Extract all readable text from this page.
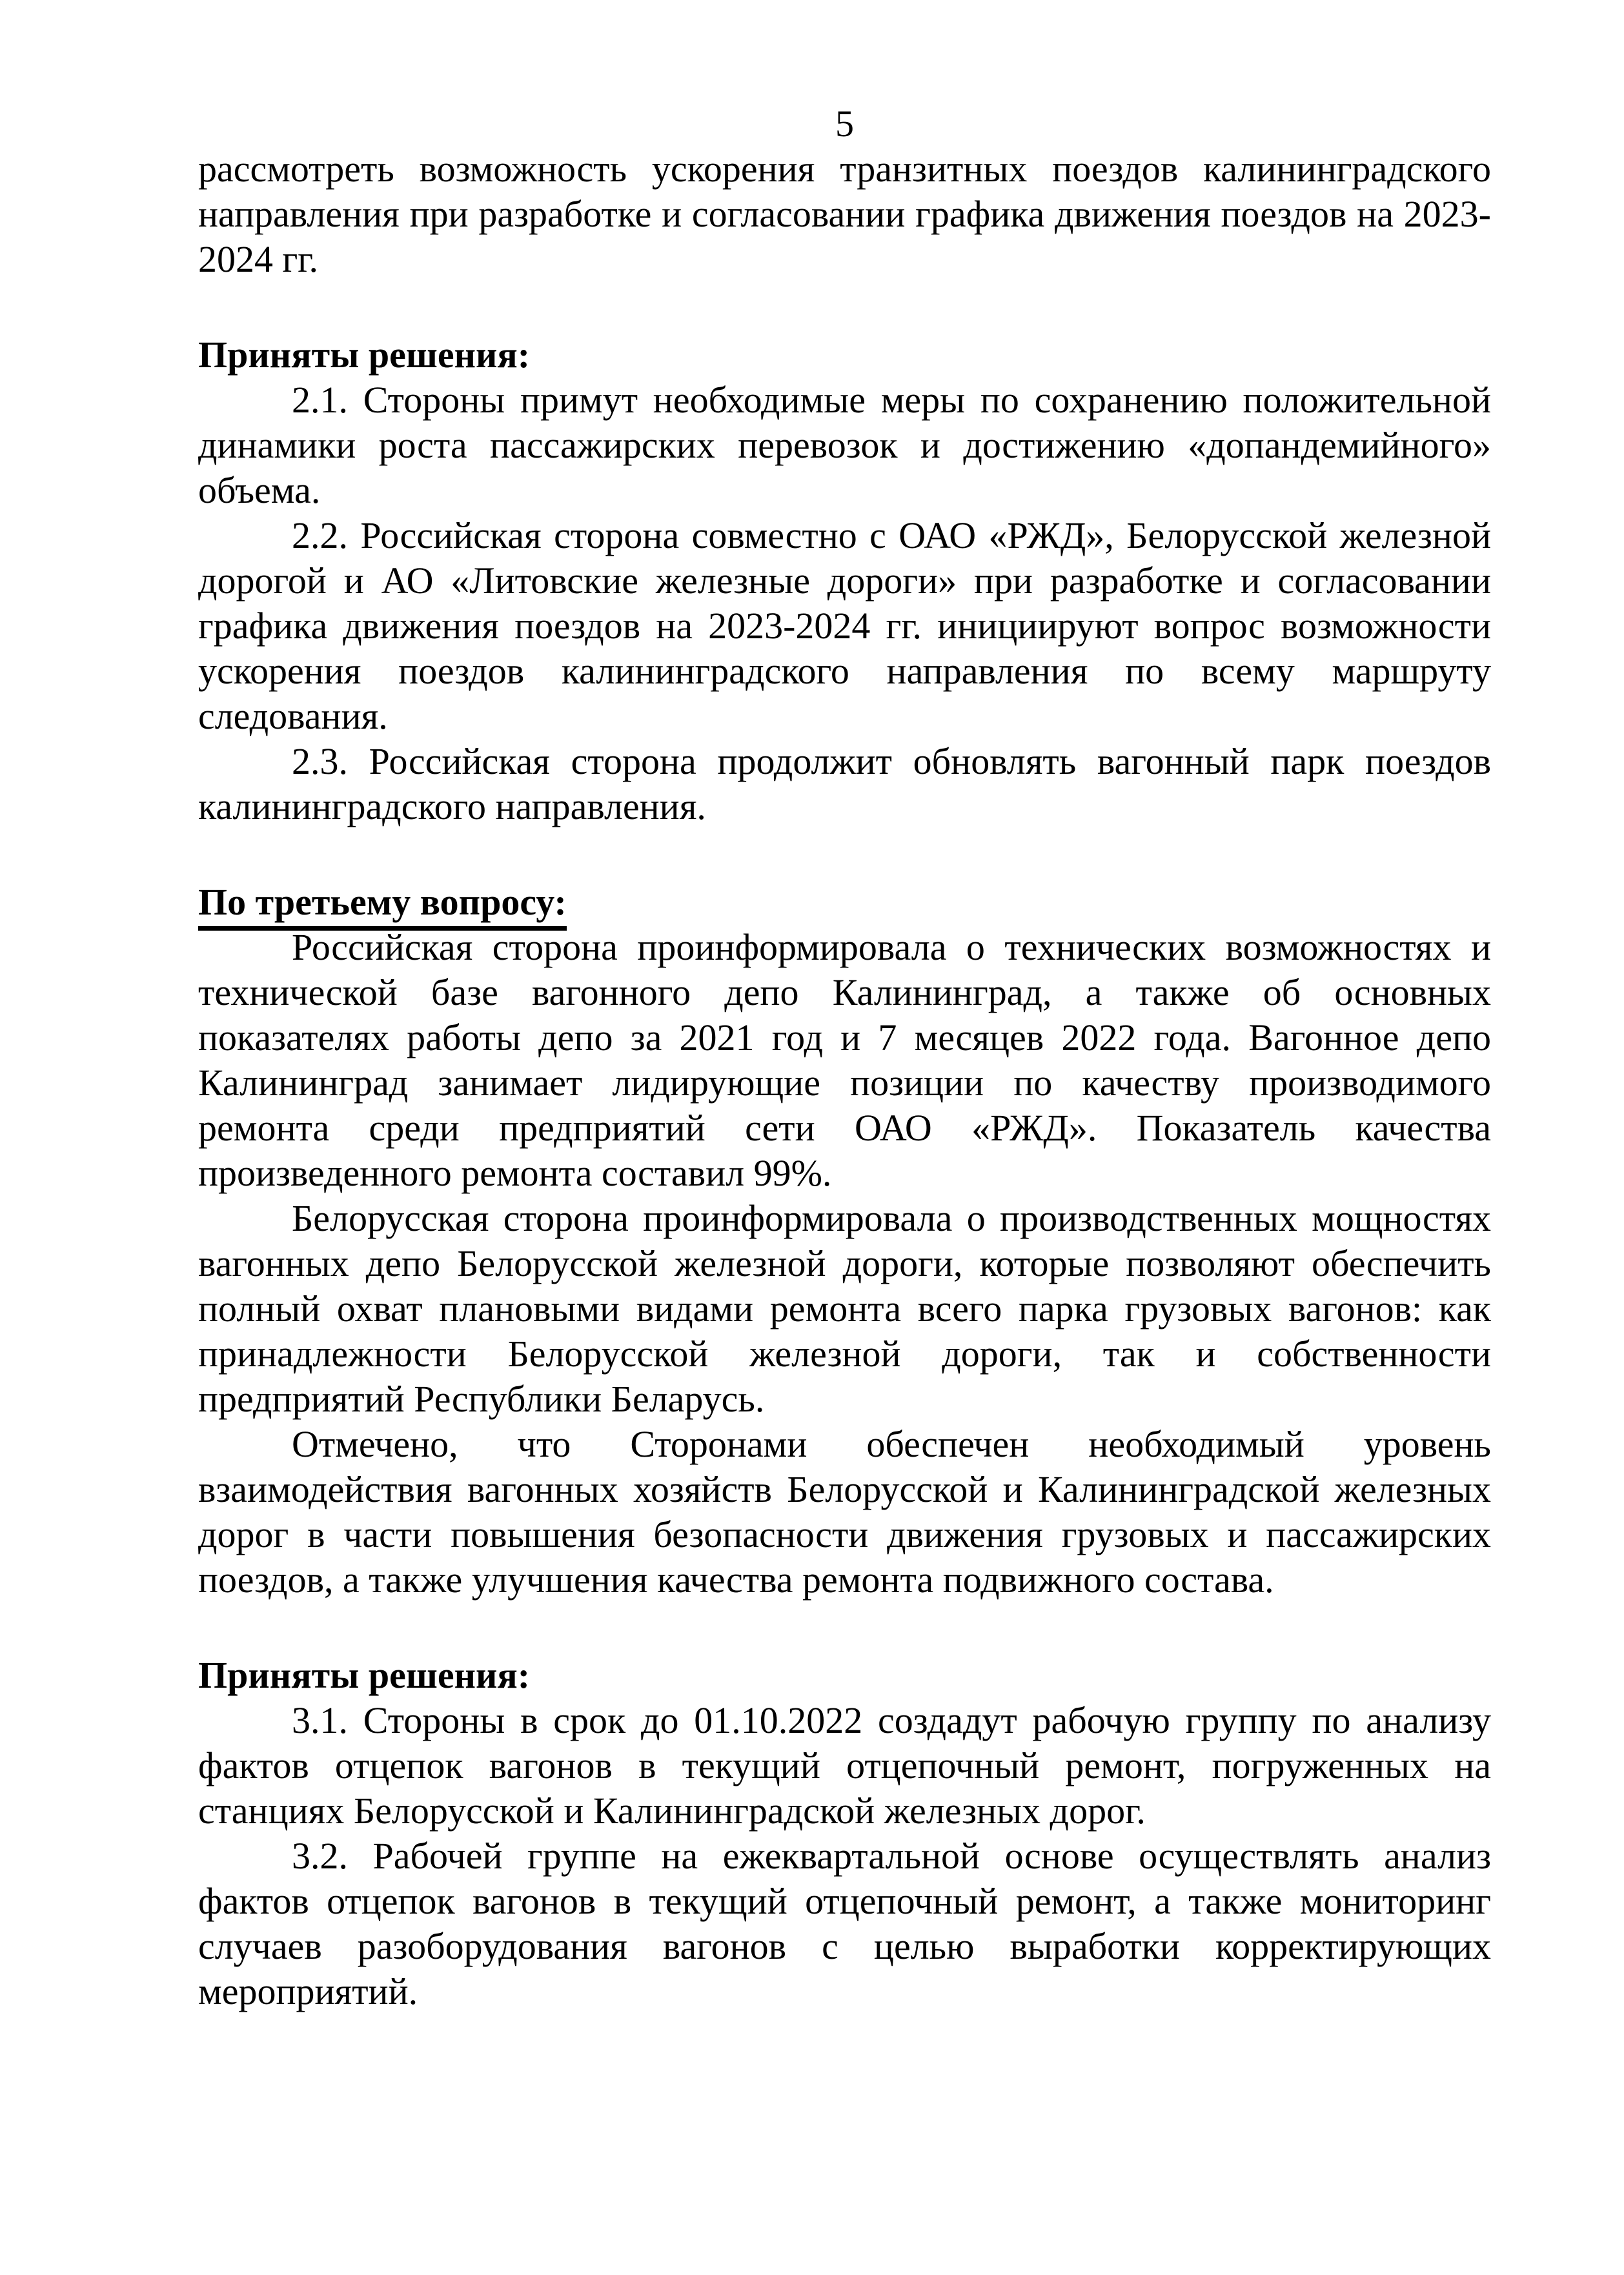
5

рассмотреть возможность ускорения транзитных поездов калининградского направления при разработке и согласовании графика движения поездов на 2023-2024 гг.

Приняты решения:

2.1. Стороны примут необходимые меры по сохранению положительной динамики роста пассажирских перевозок и достижению «допандемийного» объема.

2.2. Российская сторона совместно с ОАО «РЖД», Белорусской железной дорогой и АО «Литовские железные дороги» при разработке и согласовании графика движения поездов на 2023-2024 гг. инициируют вопрос возможности ускорения поездов калининградского направления по всему маршруту следования.

2.3. Российская сторона продолжит обновлять вагонный парк поездов калининградского направления.

По третьему вопросу:

Российская сторона проинформировала о технических возможностях и технической базе вагонного депо Калининград, а также об основных показателях работы депо за 2021 год и 7 месяцев 2022 года. Вагонное депо Калининград занимает лидирующие позиции по качеству производимого ремонта среди предприятий сети ОАО «РЖД». Показатель качества произведенного ремонта составил 99%.

Белорусская сторона проинформировала о производственных мощностях вагонных депо Белорусской железной дороги, которые позволяют обеспечить полный охват плановыми видами ремонта всего парка грузовых вагонов: как принадлежности Белорусской железной дороги, так и собственности предприятий Республики Беларусь.

Отмечено, что Сторонами обеспечен необходимый уровень взаимодействия вагонных хозяйств Белорусской и Калининградской железных дорог в части повышения безопасности движения грузовых и пассажирских поездов, а также улучшения качества ремонта подвижного состава.

Приняты решения:

3.1. Стороны в срок до 01.10.2022 создадут рабочую группу по анализу фактов отцепок вагонов в текущий отцепочный ремонт, погруженных на станциях Белорусской и Калининградской железных дорог.

3.2. Рабочей группе на ежеквартальной основе осуществлять анализ фактов отцепок вагонов в текущий отцепочный ремонт, а также мониторинг случаев разоборудования вагонов с целью выработки корректирующих мероприятий.
